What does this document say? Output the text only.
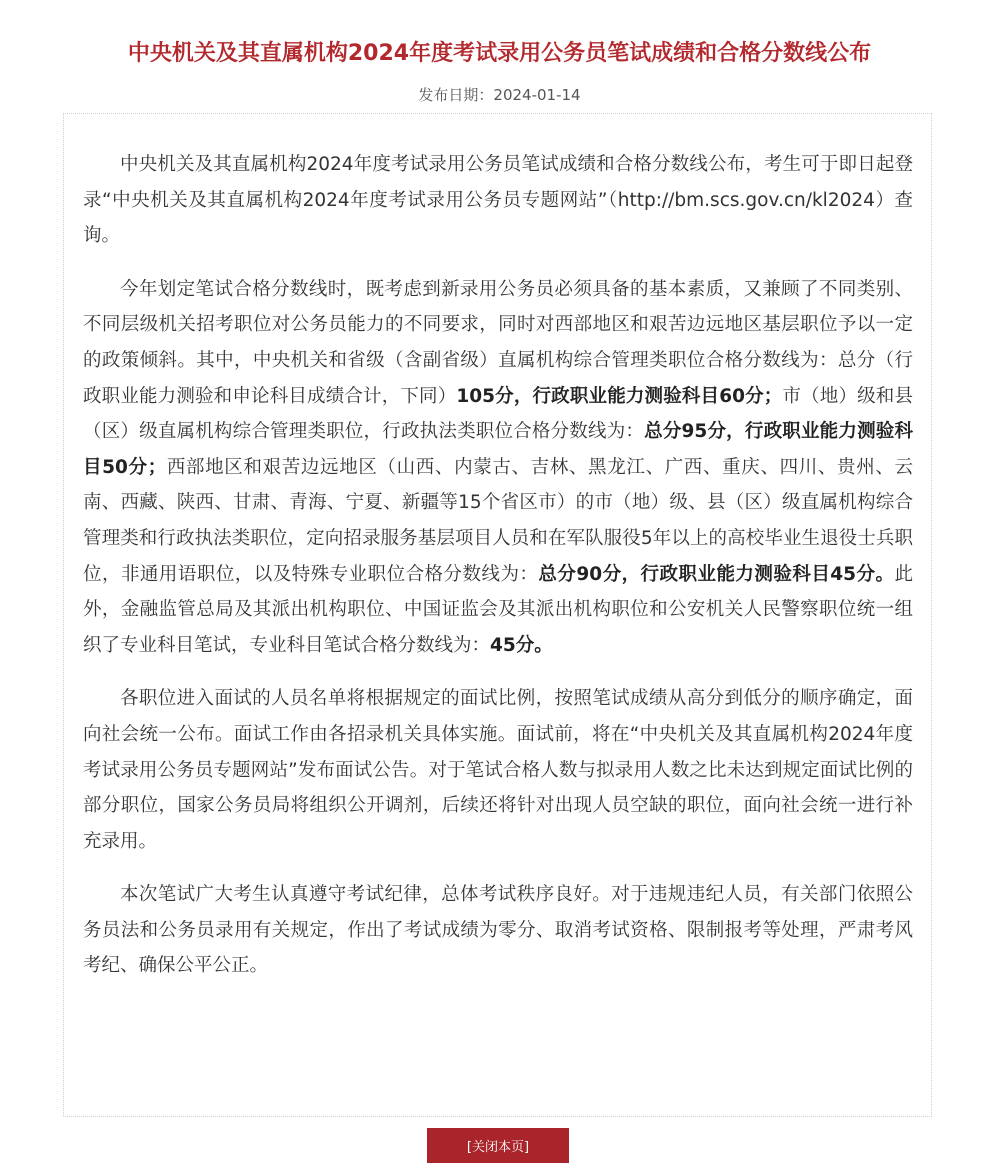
中央机关及其直属机构2024年度考试录用公务员笔试成绩和合格分数线公布
发布日期：2024-01-14

中央机关及其直属机构2024年度考试录用公务员笔试成绩和合格分数线公布，考生可于即日起登录“中央机关及其直属机构2024年度考试录用公务员专题网站”（http://bm.scs.gov.cn/kl2024）查询。

今年划定笔试合格分数线时，既考虑到新录用公务员必须具备的基本素质，又兼顾了不同类别、不同层级机关招考职位对公务员能力的不同要求，同时对西部地区和艰苦边远地区基层职位予以一定的政策倾斜。其中，中央机关和省级（含副省级）直属机构综合管理类职位合格分数线为：总分（行政职业能力测验和申论科目成绩合计，下同）105分，行政职业能力测验科目60分；市（地）级和县（区）级直属机构综合管理类职位，行政执法类职位合格分数线为：总分95分，行政职业能力测验科目50分；西部地区和艰苦边远地区（山西、内蒙古、吉林、黑龙江、广西、重庆、四川、贵州、云南、西藏、陕西、甘肃、青海、宁夏、新疆等15个省区市）的市（地）级、县（区）级直属机构综合管理类和行政执法类职位，定向招录服务基层项目人员和在军队服役5年以上的高校毕业生退役士兵职位，非通用语职位，以及特殊专业职位合格分数线为：总分90分，行政职业能力测验科目45分。此外，金融监管总局及其派出机构职位、中国证监会及其派出机构职位和公安机关人民警察职位统一组织了专业科目笔试，专业科目笔试合格分数线为：45分。

各职位进入面试的人员名单将根据规定的面试比例，按照笔试成绩从高分到低分的顺序确定，面向社会统一公布。面试工作由各招录机关具体实施。面试前，将在“中央机关及其直属机构2024年度考试录用公务员专题网站”发布面试公告。对于笔试合格人数与拟录用人数之比未达到规定面试比例的部分职位，国家公务员局将组织公开调剂，后续还将针对出现人员空缺的职位，面向社会统一进行补充录用。

本次笔试广大考生认真遵守考试纪律，总体考试秩序良好。对于违规违纪人员，有关部门依照公务员法和公务员录用有关规定，作出了考试成绩为零分、取消考试资格、限制报考等处理，严肃考风考纪、确保公平公正。

[关闭本页]
